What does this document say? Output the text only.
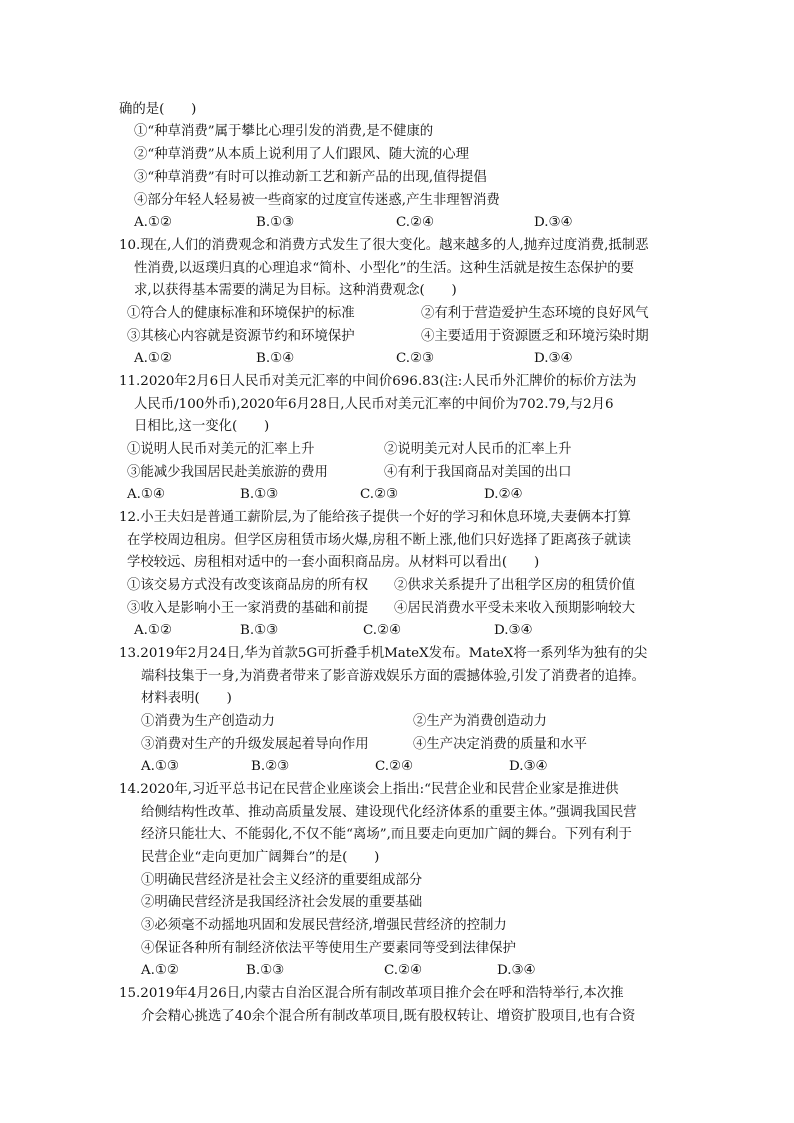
确的是(　　)
①“种草消费”属于攀比心理引发的消费,是不健康的
②“种草消费”从本质上说利用了人们跟风、随大流的心理
③“种草消费”有时可以推动新工艺和新产品的出现,值得提倡
④部分年轻人轻易被一些商家的过度宣传迷惑,产生非理智消费
A.①②	B.①③	C.②④	D.③④
10.现在,人们的消费观念和消费方式发生了很大变化。越来越多的人,抛弃过度消费,抵制恶
性消费,以返璞归真的心理追求“简朴、小型化”的生活。这种生活就是按生态保护的要
求,以获得基本需要的满足为目标。这种消费观念(　　)
①符合人的健康标准和环境保护的标准	②有利于营造爱护生态环境的良好风气
③其核心内容就是资源节约和环境保护	④主要适用于资源匮乏和环境污染时期
A.①②	B.①④	C.②③	D.③④
11.2020年2月6日人民币对美元汇率的中间价696.83(注:人民币外汇牌价的标价方法为
人民币/100外币),2020年6月28日,人民币对美元汇率的中间价为702.79,与2月6
日相比,这一变化(　　)
①说明人民币对美元的汇率上升	②说明美元对人民币的汇率上升
③能减少我国居民赴美旅游的费用	④有利于我国商品对美国的出口
A.①④	B.①③	C.②③	D.②④
12.小王夫妇是普通工薪阶层,为了能给孩子提供一个好的学习和休息环境,夫妻俩本打算
在学校周边租房。但学区房租赁市场火爆,房租不断上涨,他们只好选择了距离孩子就读
学校较远、房租相对适中的一套小面积商品房。从材料可以看出(　　)
①该交易方式没有改变该商品房的所有权 ②供求关系提升了出租学区房的租赁价值
③收入是影响小王一家消费的基础和前提 ④居民消费水平受未来收入预期影响较大
A.①②	B.①③	C.②④	D.③④
13.2019年2月24日,华为首款5G可折叠手机MateX发布。MateX将一系列华为独有的尖
端科技集于一身,为消费者带来了影音游戏娱乐方面的震撼体验,引发了消费者的追捧。
材料表明(　　)
①消费为生产创造动力	②生产为消费创造动力
③消费对生产的升级发展起着导向作用	④生产决定消费的质量和水平
A.①③	B.②③	C.②④	D.③④
14.2020年,习近平总书记在民营企业座谈会上指出:“民营企业和民营企业家是推进供
给侧结构性改革、推动高质量发展、建设现代化经济体系的重要主体。”强调我国民营
经济只能壮大、不能弱化,不仅不能“离场”,而且要走向更加广阔的舞台。下列有利于
民营企业“走向更加广阔舞台”的是(　　)
①明确民营经济是社会主义经济的重要组成部分
②明确民营经济是我国经济社会发展的重要基础
③必须毫不动摇地巩固和发展民营经济,增强民营经济的控制力
④保证各种所有制经济依法平等使用生产要素同等受到法律保护
A.①②	B.①③	C.②④	D.③④
15.2019年4月26日,内蒙古自治区混合所有制改革项目推介会在呼和浩特举行,本次推
介会精心挑选了40余个混合所有制改革项目,既有股权转让、增资扩股项目,也有合资
